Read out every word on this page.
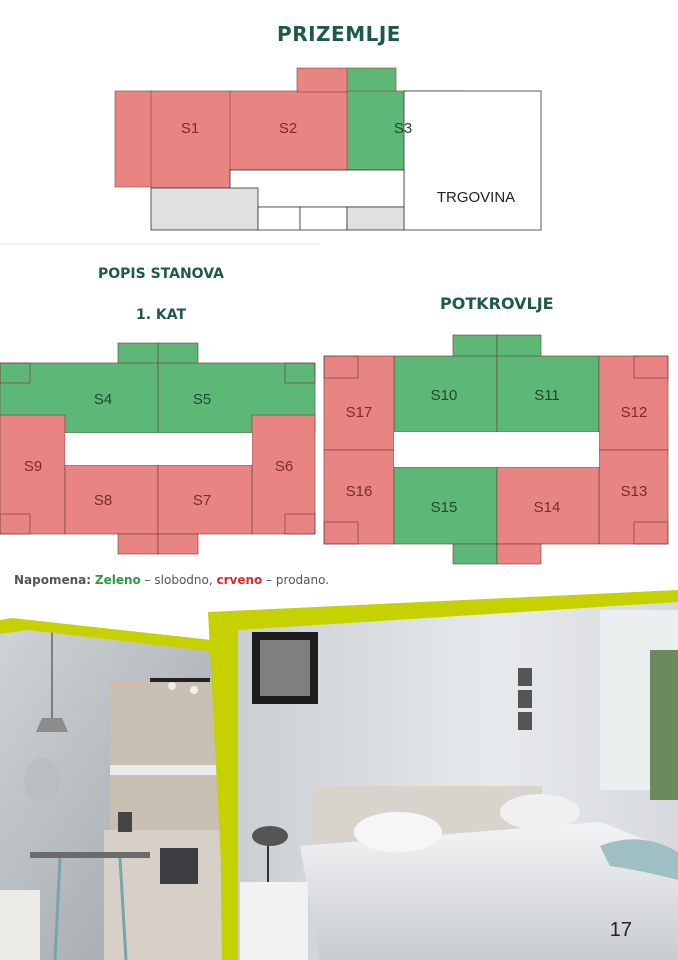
PRIZEMLJE
POPIS STANOVA
1. KAT
POTKROVLJE
S1	S2	S3
TRGOVINA
S4	S5
S9	S6
S8	S7
S10	S11
S17	S12
S16	S13
S15	S14
Napomena: Zeleno – slobodno, crveno – prodano.
17
